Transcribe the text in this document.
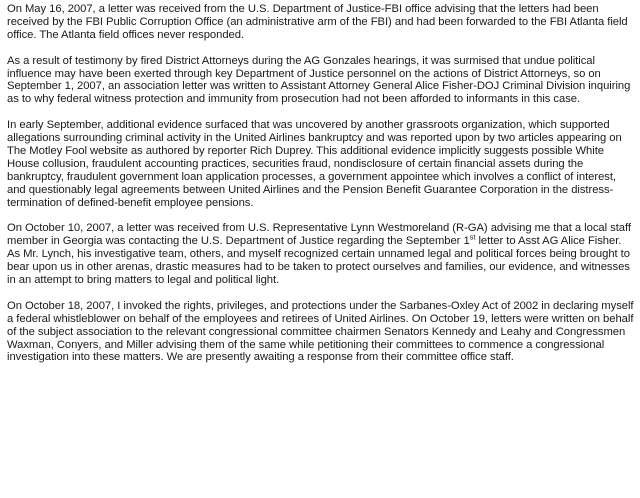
On May 16, 2007, a letter was received from the U.S. Department of Justice-FBI office advising that the letters had been received by the FBI Public Corruption Office (an administrative arm of the FBI) and had been forwarded to the FBI Atlanta field office. The Atlanta field offices never responded.

As a result of testimony by fired District Attorneys during the AG Gonzales hearings, it was surmised that undue political influence may have been exerted through key Department of Justice personnel on the actions of District Attorneys, so on September 1, 2007, an association letter was written to Assistant Attorney General Alice Fisher-DOJ Criminal Division inquiring as to why federal witness protection and immunity from prosecution had not been afforded to informants in this case.

In early September, additional evidence surfaced that was uncovered by another grassroots organization, which supported allegations surrounding criminal activity in the United Airlines bankruptcy and was reported upon by two articles appearing on The Motley Fool website as authored by reporter Rich Duprey. This additional evidence implicitly suggests possible White House collusion, fraudulent accounting practices, securities fraud, nondisclosure of certain financial assets during the bankruptcy, fraudulent government loan application processes, a government appointee which involves a conflict of interest, and questionably legal agreements between United Airlines and the Pension Benefit Guarantee Corporation in the distress-termination of defined-benefit employee pensions.

On October 10, 2007, a letter was received from U.S. Representative Lynn Westmoreland (R-GA) advising me that a local staff member in Georgia was contacting the U.S. Department of Justice regarding the September 1st letter to Asst AG Alice Fisher. As Mr. Lynch, his investigative team, others, and myself recognized certain unnamed legal and political forces being brought to bear upon us in other arenas, drastic measures had to be taken to protect ourselves and families, our evidence, and witnesses in an attempt to bring matters to legal and political light.

On October 18, 2007, I invoked the rights, privileges, and protections under the Sarbanes-Oxley Act of 2002 in declaring myself a federal whistleblower on behalf of the employees and retirees of United Airlines. On October 19, letters were written on behalf of the subject association to the relevant congressional committee chairmen Senators Kennedy and Leahy and Congressmen Waxman, Conyers, and Miller advising them of the same while petitioning their committees to commence a congressional investigation into these matters. We are presently awaiting a response from their committee office staff.
